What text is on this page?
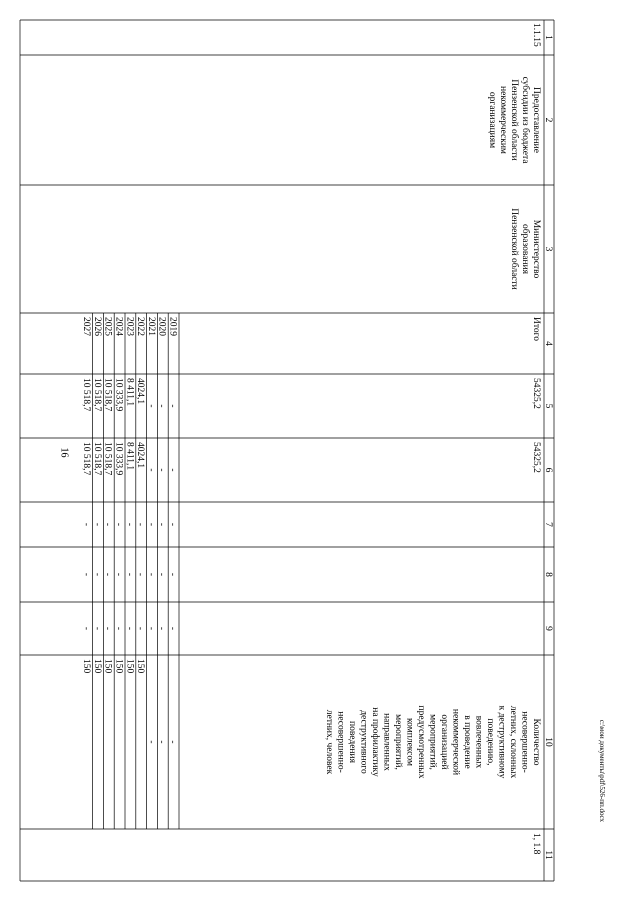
16
c:\мои документы\pdf\526-пп.docx
1
2
3
4
5
6
7
8
9
10
11
1.1.15
Предоставление
субсидии из бюджета
Пензенской области
некоммерческим
организациям
Министерство
образования
Пензенской области
Итого
54325,2
54325,2
Количество
несовершенно-
летних, склонных
к деструктивному
поведению,
вовлеченных
в проведение
некоммерческой
организацией
мероприятий,
предусмотренных
комплексом
мероприятий,
направленных
на профилактику
деструктивного
поведения
несовершенно-
летних, человек
1, 1.8
2019
-
-
-
-
-
-
2020
-
-
-
-
-
-
2021
-
-
-
-
-
-
2022
4024,1
4024,1
-
-
-
150
2023
8 411,1
8 411,1
-
-
-
150
2024
10 333,9
10 333,9
-
-
-
150
2025
10 518,7
10 518,7
-
-
-
150
2026
10 518,7
10 518,7
-
-
-
150
2027
10 518,7
10 518,7
-
-
-
150
